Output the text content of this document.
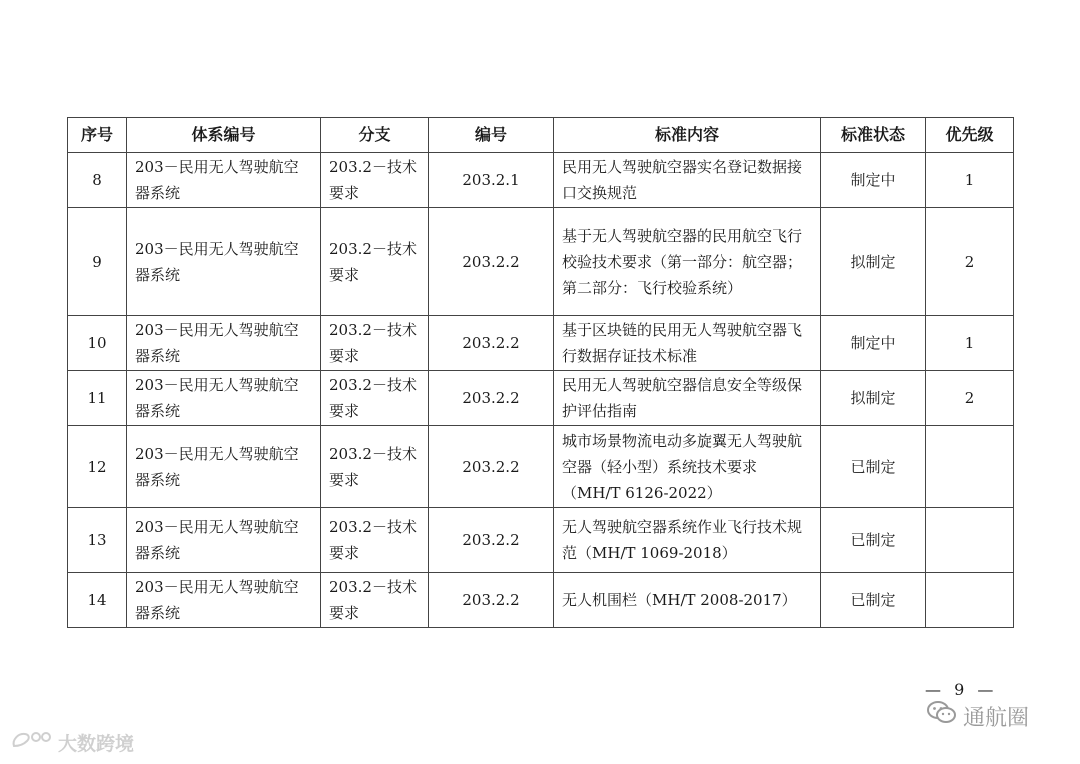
序号	体系编号	分支	编号	标准内容	标准状态	优先级
8	203－民用无人驾驶航空器系统	203.2－技术要求	203.2.1	民用无人驾驶航空器实名登记数据接口交换规范	制定中	1
9	203－民用无人驾驶航空器系统	203.2－技术要求	203.2.2	基于无人驾驶航空器的民用航空飞行校验技术要求（第一部分：航空器；第二部分：飞行校验系统）	拟制定	2
10	203－民用无人驾驶航空器系统	203.2－技术要求	203.2.2	基于区块链的民用无人驾驶航空器飞行数据存证技术标准	制定中	1
11	203－民用无人驾驶航空器系统	203.2－技术要求	203.2.2	民用无人驾驶航空器信息安全等级保护评估指南	拟制定	2
12	203－民用无人驾驶航空器系统	203.2－技术要求	203.2.2	城市场景物流电动多旋翼无人驾驶航空器（轻小型）系统技术要求（MH/T 6126-2022）	已制定	
13	203－民用无人驾驶航空器系统	203.2－技术要求	203.2.2	无人驾驶航空器系统作业飞行技术规范（MH/T 1069-2018）	已制定	
14	203－民用无人驾驶航空器系统	203.2－技术要求	203.2.2	无人机围栏（MH/T 2008-2017）	已制定	
— 9 —
通航圈
大数跨境
